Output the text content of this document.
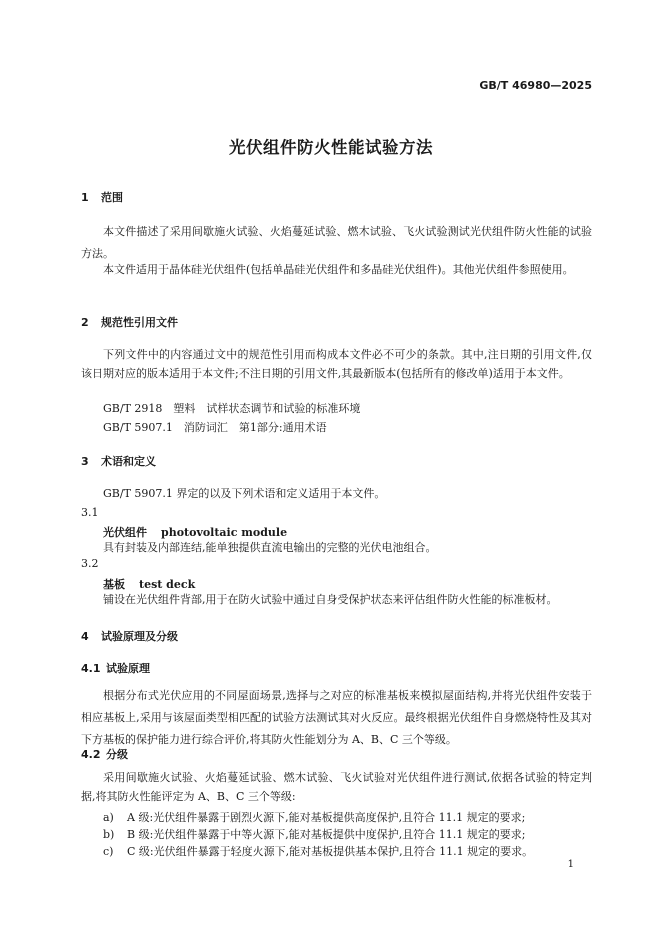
GB/T 46980—2025
光伏组件防火性能试验方法
1 范围

本文件描述了采用间歇施火试验、火焰蔓延试验、燃木试验、飞火试验测试光伏组件防火性能的试验方法。

本文件适用于晶体硅光伏组件(包括单晶硅光伏组件和多晶硅光伏组件)。其他光伏组件参照使用。

2 规范性引用文件

下列文件中的内容通过文中的规范性引用而构成本文件必不可少的条款。其中,注日期的引用文件,仅该日期对应的版本适用于本文件;不注日期的引用文件,其最新版本(包括所有的修改单)适用于本文件。

GB/T 2918　塑料　试样状态调节和试验的标准环境
GB/T 5907.1　消防词汇　第1部分:通用术语
3 术语和定义
GB/T 5907.1 界定的以及下列术语和定义适用于本文件。
3.1
光伏组件 photovoltaic module
具有封装及内部连结,能单独提供直流电输出的完整的光伏电池组合。
3.2
基板 test deck
铺设在光伏组件背部,用于在防火试验中通过自身受保护状态来评估组件防火性能的标准板材。
4 试验原理及分级
4.1 试验原理

根据分布式光伏应用的不同屋面场景,选择与之对应的标准基板来模拟屋面结构,并将光伏组件安装于相应基板上,采用与该屋面类型相匹配的试验方法测试其对火反应。最终根据光伏组件自身燃烧特性及其对下方基板的保护能力进行综合评价,将其防火性能划分为 A、B、C 三个等级。

4.2 分级

采用间歇施火试验、火焰蔓延试验、燃木试验、飞火试验对光伏组件进行测试,依据各试验的特定判据,将其防火性能评定为 A、B、C 三个等级:

a) A 级:光伏组件暴露于剧烈火源下,能对基板提供高度保护,且符合 11.1 规定的要求;
b) B 级:光伏组件暴露于中等火源下,能对基板提供中度保护,且符合 11.1 规定的要求;
c) C 级:光伏组件暴露于轻度火源下,能对基板提供基本保护,且符合 11.1 规定的要求。
1
